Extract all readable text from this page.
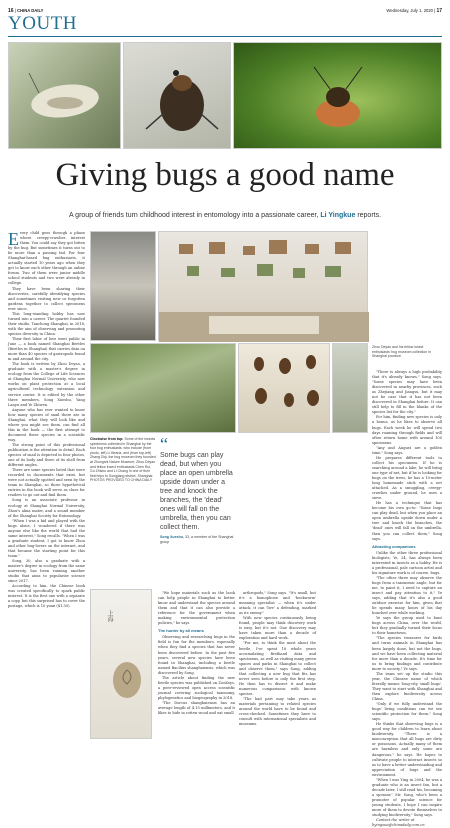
16 | CHINA DAILY	Wednesday, July 1, 2020 | 17
YOUTH
Giving bugs a good name
A group of friends turn childhood interest in entomology into a passionate career, Li Yingkue reports.

Every child goes through a phase where creepy-crawlies interest them. You could say they got bitten by the bug. But sometimes it turns out to be more than a passing fad. For four Shanghai-based bug enthusiasts, it actually started 10 years ago when they got to know each other through an online forum. Two of them were junior middle school students and two were already in college.

They have been sharing their discoveries, carefully identifying species and sometimes visiting new or forgotten gardens together to collect specimens ever since.

This long-standing hobby has now turned into a career. The quartet founded their studio, Tanchong Shanghai, in 2018, with the aim of observing and promoting species diversity in China.

Their first labor of love went public in June — a book named Shanghai Beetles (Beetles in Shanghai) that carries data on more than 40 species of gastropods found in and around the city.

The book is written by Zhou Deyao, a graduate with a master's degree in ecology from the College of Life Sciences at Shanghai Normal University, who now works on plant protection at a local agricultural technology extension and service center. It is edited by the other three members, Song Xueshu, Yang Lanyu and Ye Zhiwen.

Anyone who has ever wanted to know how many species of snail there are in Shanghai, what they will look like and where you might see them, can find all this in the book — the first attempt to document these species in a scientific way.

The strong point of this professional publication is the attention to detail. Each species of snail is depicted in four photos, one of its body and three of its shell from different angles.

There are some species listed that were recorded in documents that exist, but were not actually spotted and seen by the team in Shanghai, so those hypothetical entries in the book will serve as clues for readers to go out and find them.

Song is an associate professor in ecology at Shanghai Normal University, Zhou's alma mater, and a sound member of the Shanghai Society for Entomology.

"When I was a kid and played with the bugs alone, I wondered if there was anyone else like the world that had the same interest," Song recalls. "When I was a graduate student, I got to know Zhou and other bug-lovers on the internet, and that became the starting point for this team."

Song, 30, also a graduate with a master's degree in ecology from the same university, has been running another studio that aims to popularize science since 2017.

According to him, the Chinese book was created specifically to spark public interest. It is the first one with a separate a copy, but this surprised has to cover the postage, which is 10 yuan ($1.50).

Zhou Deyao and his fellow insect enthusiasts' bug museum collection in Shanghai province.
Clockwise from top: Some of the insects specimens collected in Shanghai by the four bug enthusiasts, who include (from photo, left) Li Bearia, and (from top-left) Zhang Ziqi, the bug museum they founded at Zhongshi Nature Museum; Zhou Deyao and fellow insect enthusiasts Chen Rui, Gu Zhishu and Li Chang in one of their field trips to Songjiang district, Shanghai.
PHOTOS PROVIDED TO CHINA DAILY
“
Some bugs can play dead, but when you place an open umbrella upside down under a tree and knock the branches, the 'dead' ones will fall on the umbrella, then you can collect them.
Song Xueshu, 33, a member of the Shanghai group
上海

"We hope materials such as the book can help people in Shanghai to better know and understand the species around them and that it can also provide a reference for the government when making environmental protection policies," he says.

The hunter by all means

Observing and researching bugs in the field is fun for the members, especially when they find a species that has never been discovered before. In the past five years, several new species have been found in Shanghai, including a beetle named Bacilius shanghaiensis, which was discovered by Song.

The article about finding the new beetle species was published on ZooKeys, a peer-reviewed open access scientific journal covering zoological taxonomy, phylogenetics and biogeography in 2018.

"The Dorcus shanghaiensis has an average length of 4.15 millimeters, and it likes to hide in rotten wood and eat small

arthropods," Song says. "It's small, but it's a homophone and 'bookworm' meaning specialist — when it's under attack, it can 'live' a defending, marked as its enemy."

With new species continuously being found, people may think discovery work is easy, but it's not. One discovery may have taken more than a decade of exploration and hard work.

"For me, to think the most about the beetle, I've spent 18 whole years accumulating firsthand data and specimens, as well as visiting many green spaces and parks in Shanghai to collect and observe them," says Song, adding that collecting a new bug that fits has never seen before is only the first step. He then has to dissect it and make numerous comparisons with known species.

"The bad part may take years as materials pertaining to related species around the world have to be found and cross-checked. Sometimes they have to consult with international specialists and museums.

"There is always a high probability that it's already known," Song says. "Some species may have been discovered in nearby provinces, such as Zhejiang and Jiangsu, but it may not be case that it has not been discovered in Shanghai before. It can still help to fill in the blanks of the species list for the city."

For him, finding new species is only a bonus, as he likes to observe all bugs. Each week he will spend two days roaming through fields and will often return home with around 100 specimens.

"Any and August are a golden time," Song says.

He prepares different tools to collect his specimens. If he is searching around a lake, he will bring one type of net, but if he is looking for bugs on the trees, he has a 10-meter long homemade stick with a net attached. As a smuggling, creepy-crawlies under ground, he uses a sieve.

He has a technique that has become his own go-to: "Some bugs can play dead, but when you place an open umbrella upside down under a tree and knock the branches, the 'dead' ones will fall on the umbrella, then you can collect them," Song says.

Attracting companions

Unlike the other three professional biologists, Ye, 24, has always been interested in insects as a hobby. He is a professional, pale cartoon artist and his signature work is of course, bugs.

"The other three may observe the bugs from a taxonomic angle, but for me, to paint it, I need to capture an insect and pay attention to it," Ye says, adding that it's also a good outdoor exercise for him, given that he spends many hours of his day hunched over while working.

Ye says the group used to hunt bugs across China, over the world, but they gradually turned their focus to their hometown.

"The species treasures for birds and turns animals in Shanghai has been largely done, but not the bugs, and we have been collecting material for more than a decade. It's time for us to bring findings and contribute more to society," Ye says.

The team set up the studio this year, the Chinese name of which literally means 'long-city, small bugs'. They want to start with Shanghai and then explore biodiversity across China.

"Only if we fully understand the bugs' living conditions can we see scientific protection for them," Song says.

He thinks that observing bugs is a good way for children to learn about biodiversity. "There is a misconception that all bugs are dirty or poisonous. Actually many of them are harmless and only some are dangerous," he says. He hopes to cultivate people to interact insects so as to have a better understanding and appreciation of bugs and the environment.

"When I was Ying in 2004, he was a graduate who is an insect fan, but a decade later, I still read his, becoming a sponsor," Mr. Song, who's been a promoter of popular science for young students, I hope I can inspire more of them to devote themselves to studying biodiversity," Song says.

Contact the writer at
liyingxue@chinadaily.com.cn
